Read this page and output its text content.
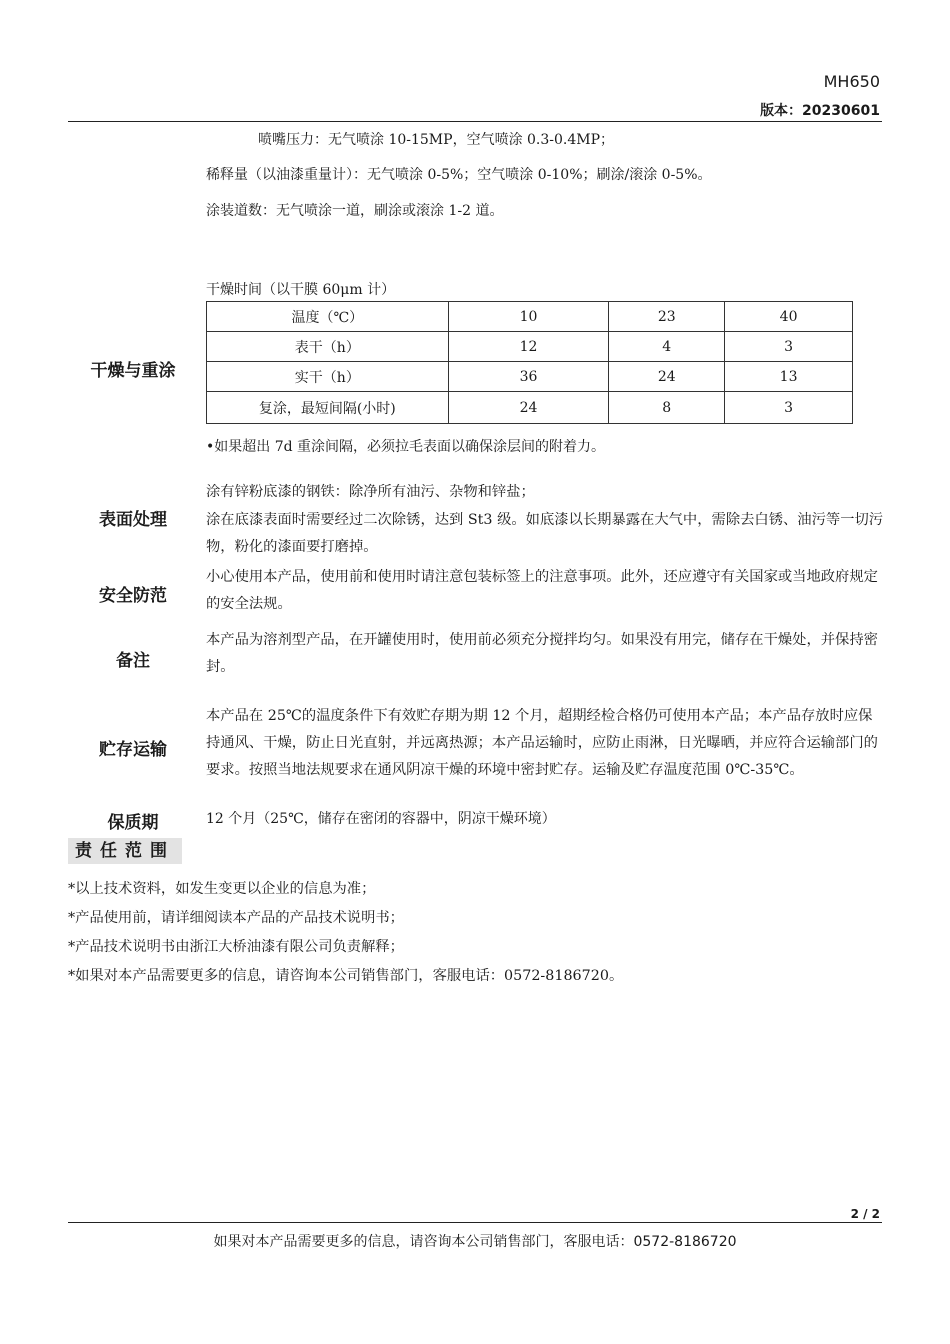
MH650
版本：20230601
喷嘴压力：无气喷涂 10-15MP，空气喷涂 0.3-0.4MP；
稀释量（以油漆重量计）：无气喷涂 0-5%；空气喷涂 0-10%；刷涂/滚涂 0-5%。
涂装道数：无气喷涂一道，刷涂或滚涂 1-2 道。
干燥时间（以干膜 60μm 计）
干燥与重涂
温度（℃）	10	23	40
表干（h）	12	4	3
实干（h）	36	24	13
复涂，最短间隔(小时)	24	8	3
•如果超出 7d 重涂间隔，必须拉毛表面以确保涂层间的附着力。
涂有锌粉底漆的钢铁：除净所有油污、杂物和锌盐；
表面处理	涂在底漆表面时需要经过二次除锈，达到 St3 级。如底漆以长期暴露在大气中，需除去白锈、油污等一切污物，粉化的漆面要打磨掉。
安全防范
小心使用本产品，使用前和使用时请注意包装标签上的注意事项。此外，还应遵守有关国家或当地政府规定的安全法规。
备注
本产品为溶剂型产品，在开罐使用时，使用前必须充分搅拌均匀。如果没有用完，储存在干燥处，并保持密封。
贮存运输
本产品在 25℃的温度条件下有效贮存期为期 12 个月，超期经检合格仍可使用本产品；本产品存放时应保持通风、干燥，防止日光直射，并远离热源；本产品运输时，应防止雨淋，日光曝晒，并应符合运输部门的要求。按照当地法规要求在通风阴凉干燥的环境中密封贮存。运输及贮存温度范围 0℃-35℃。
保质期	12 个月（25℃，储存在密闭的容器中，阴凉干燥环境）
责任范围
*以上技术资料，如发生变更以企业的信息为准；
*产品使用前，请详细阅读本产品的产品技术说明书；
*产品技术说明书由浙江大桥油漆有限公司负责解释；
*如果对本产品需要更多的信息，请咨询本公司销售部门，客服电话：0572-8186720。
2 / 2
如果对本产品需要更多的信息，请咨询本公司销售部门，客服电话：0572-8186720
